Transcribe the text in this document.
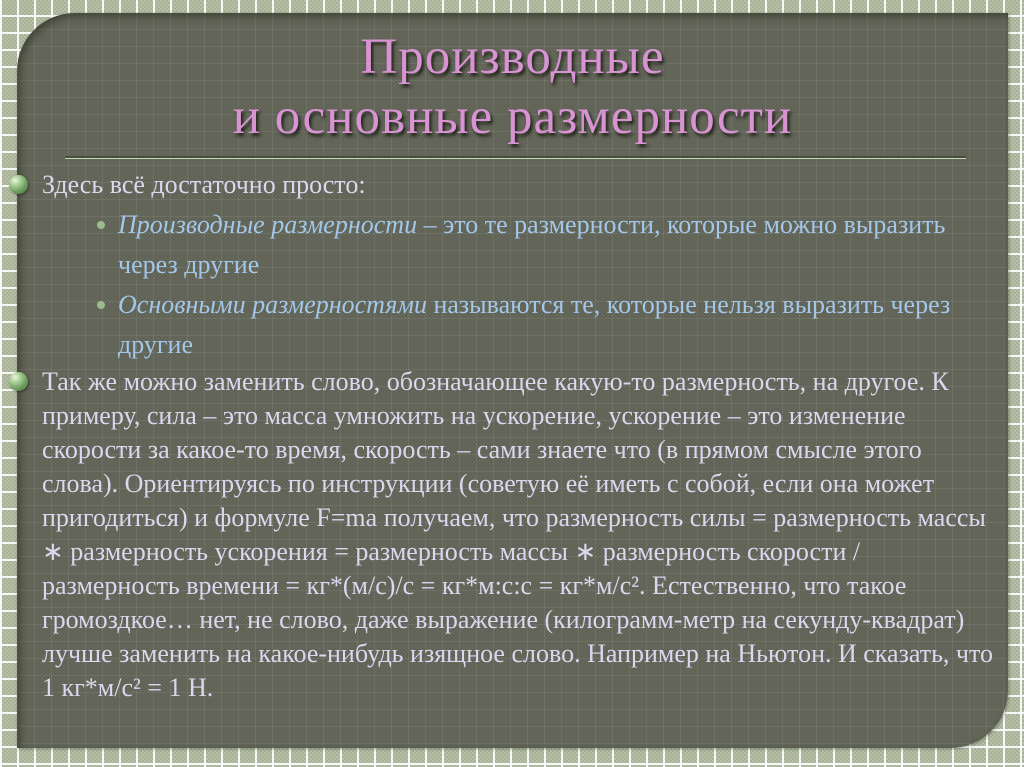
Производные
и основные размерности
Здесь всё достаточно просто:
Производные размерности – это те размерности, которые можно выразить через другие
Основными размерностями называются те, которые нельзя выразить через другие
Так же можно заменить слово, обозначающее какую-то размерность, на другое. К примеру, сила – это масса умножить на ускорение, ускорение – это изменение скорости за какое-то время, скорость – сами знаете что (в прямом смысле этого слова). Ориентируясь по инструкции (советую её иметь с собой, если она может пригодиться) и формуле F=ma получаем, что размерность силы = размерность массы ∗ размерность ускорения = размерность массы ∗ размерность скорости / размерность времени = кг*(м/с)/с = кг*м:с:с = кг*м/с². Естественно, что такое громоздкое… нет, не слово, даже выражение (килограмм-метр на секунду-квадрат) лучше заменить на какое-нибудь изящное слово. Например на Ньютон. И сказать, что 1 кг*м/с² = 1 Н.
